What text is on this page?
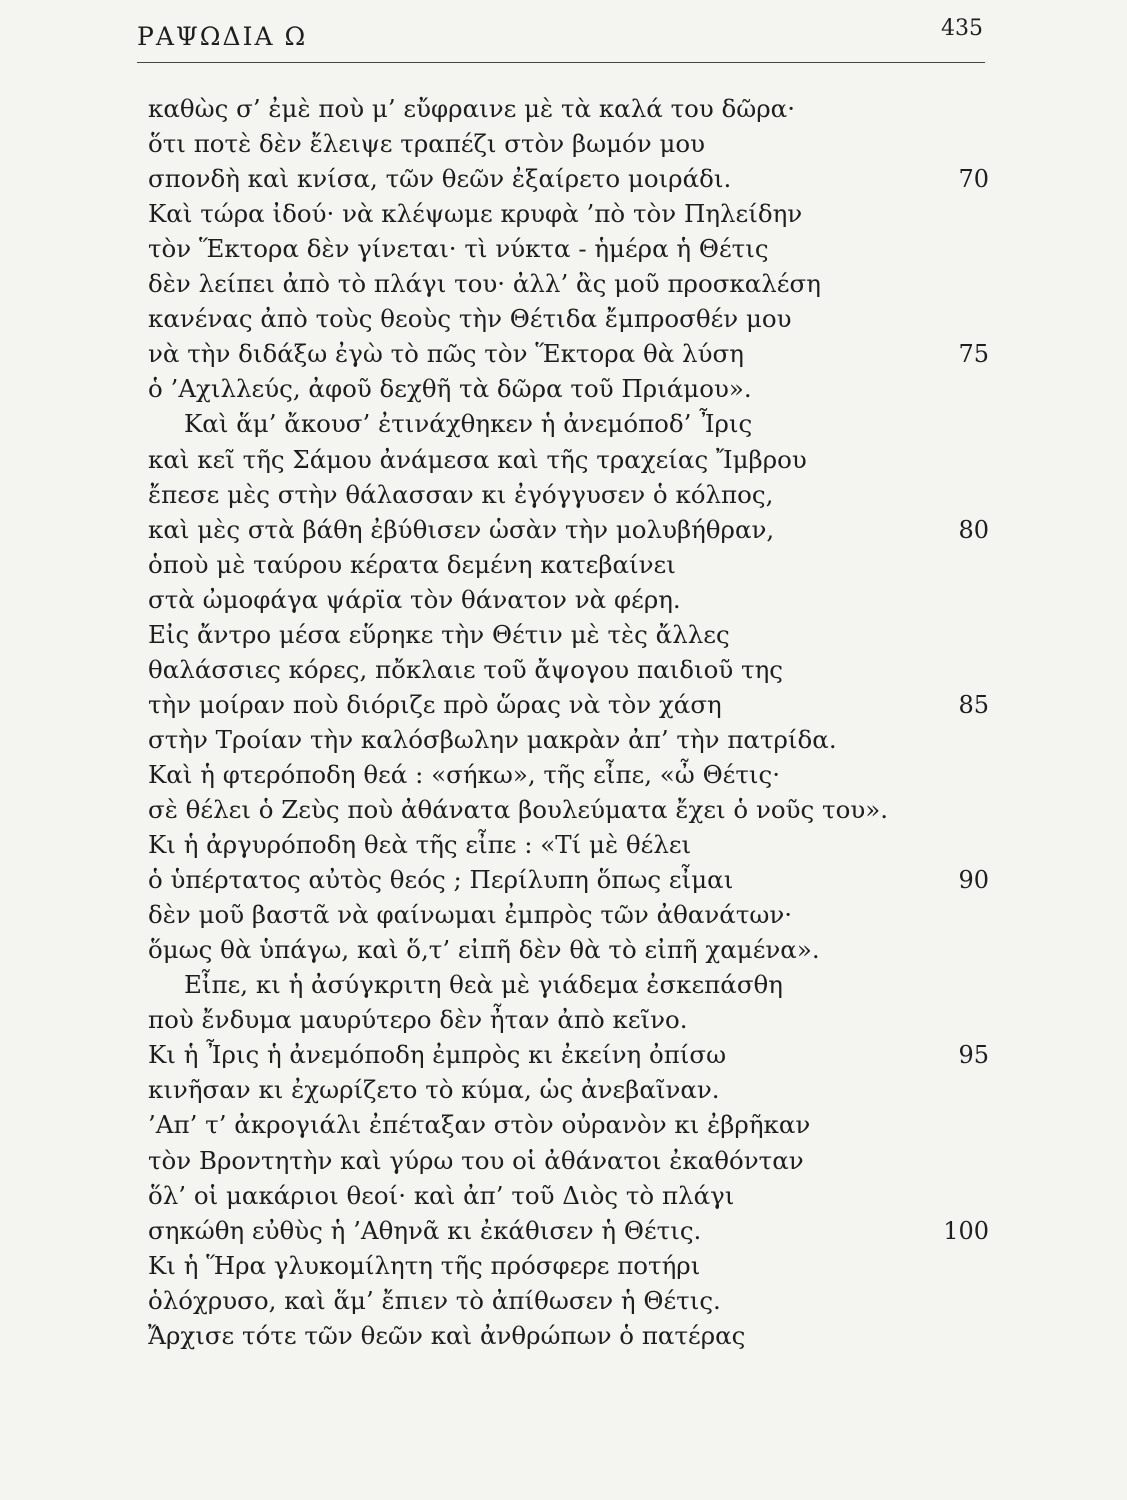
ΡΑΨΩΔΙΑ Ω	435
καθὼς σ’ ἐμὲ ποὺ μ’ εὔφραινε μὲ τὰ καλά του δῶρα·
ὅτι ποτὲ δὲν ἔλειψε τραπέζι στὸν βωμόν μου
σπονδὴ καὶ κνίσα, τῶν θεῶν ἐξαίρετο μοιράδι.	70
Καὶ τώρα ἰδού· νὰ κλέψωμε κρυφὰ ’πὸ τὸν Πηλείδην
τὸν Ἕκτορα δὲν γίνεται· τὶ νύκτα - ἡμέρα ἡ Θέτις
δὲν λείπει ἀπὸ τὸ πλάγι του· ἀλλ’ ἂς μοῦ προσκαλέση
κανένας ἀπὸ τοὺς θεοὺς τὴν Θέτιδα ἔμπροσθέν μου
νὰ τὴν διδάξω ἐγὼ τὸ πῶς τὸν Ἕκτορα θὰ λύση	75
ὁ ’Αχιλλεύς, ἀφοῦ δεχθῆ τὰ δῶρα τοῦ Πριάμου».
Καὶ ἅμ’ ἄκουσ’ ἐτινάχθηκεν ἡ ἀνεμόποδ’ Ἶρις
καὶ κεῖ τῆς Σάμου ἀνάμεσα καὶ τῆς τραχείας Ἴμβρου
ἔπεσε μὲς στὴν θάλασσαν κι ἐγόγγυσεν ὁ κόλπος,
καὶ μὲς στὰ βάθη ἐβύθισεν ὡσὰν τὴν μολυβήθραν,	80
ὁποὺ μὲ ταύρου κέρατα δεμένη κατεβαίνει
στὰ ὠμοφάγα ψάρϊα τὸν θάνατον νὰ φέρη.
Εἰς ἄντρο μέσα εὕρηκε τὴν Θέτιν μὲ τὲς ἄλλες
θαλάσσιες κόρες, πὄκλαιε τοῦ ἄψογου παιδιοῦ της
τὴν μοίραν ποὺ διόριζε πρὸ ὥρας νὰ τὸν χάση	85
στὴν Τροίαν τὴν καλόσβωλην μακρὰν ἀπ’ τὴν πατρίδα.
Καὶ ἡ φτερόποδη θεά : «σήκω», τῆς εἶπε, «ὦ Θέτις·
σὲ θέλει ὁ Ζεὺς ποὺ ἀθάνατα βουλεύματα ἔχει ὁ νοῦς του».
Κι ἡ ἀργυρόποδη θεὰ τῆς εἶπε : «Τί μὲ θέλει
ὁ ὑπέρτατος αὐτὸς θεός ; Περίλυπη ὅπως εἶμαι	90
δὲν μοῦ βαστᾶ νὰ φαίνωμαι ἐμπρὸς τῶν ἀθανάτων·
ὅμως θὰ ὑπάγω, καὶ ὅ,τ’ εἰπῆ δὲν θὰ τὸ εἰπῆ χαμένα».
Εἶπε, κι ἡ ἀσύγκριτη θεὰ μὲ γιάδεμα ἐσκεπάσθη
ποὺ ἔνδυμα μαυρύτερο δὲν ἦταν ἀπὸ κεῖνο.
Κι ἡ Ἶρις ἡ ἀνεμόποδη ἐμπρὸς κι ἐκείνη ὀπίσω	95
κινῆσαν κι ἐχωρίζετο τὸ κύμα, ὡς ἀνεβαῖναν.
’Απ’ τ’ ἀκρογιάλι ἐπέταξαν στὸν οὐρανὸν κι ἐβρῆκαν
τὸν Βροντητὴν καὶ γύρω του οἱ ἀθάνατοι ἐκαθόνταν
ὅλ’ οἱ μακάριοι θεοί· καὶ ἀπ’ τοῦ Διὸς τὸ πλάγι
σηκώθη εὐθὺς ἡ ’Αθηνᾶ κι ἐκάθισεν ἡ Θέτις.	100
Κι ἡ Ἥρα γλυκομίλητη τῆς πρόσφερε ποτήρι
ὁλόχρυσο, καὶ ἅμ’ ἔπιεν τὸ ἀπίθωσεν ἡ Θέτις.
Ἄρχισε τότε τῶν θεῶν καὶ ἀνθρώπων ὁ πατέρας
